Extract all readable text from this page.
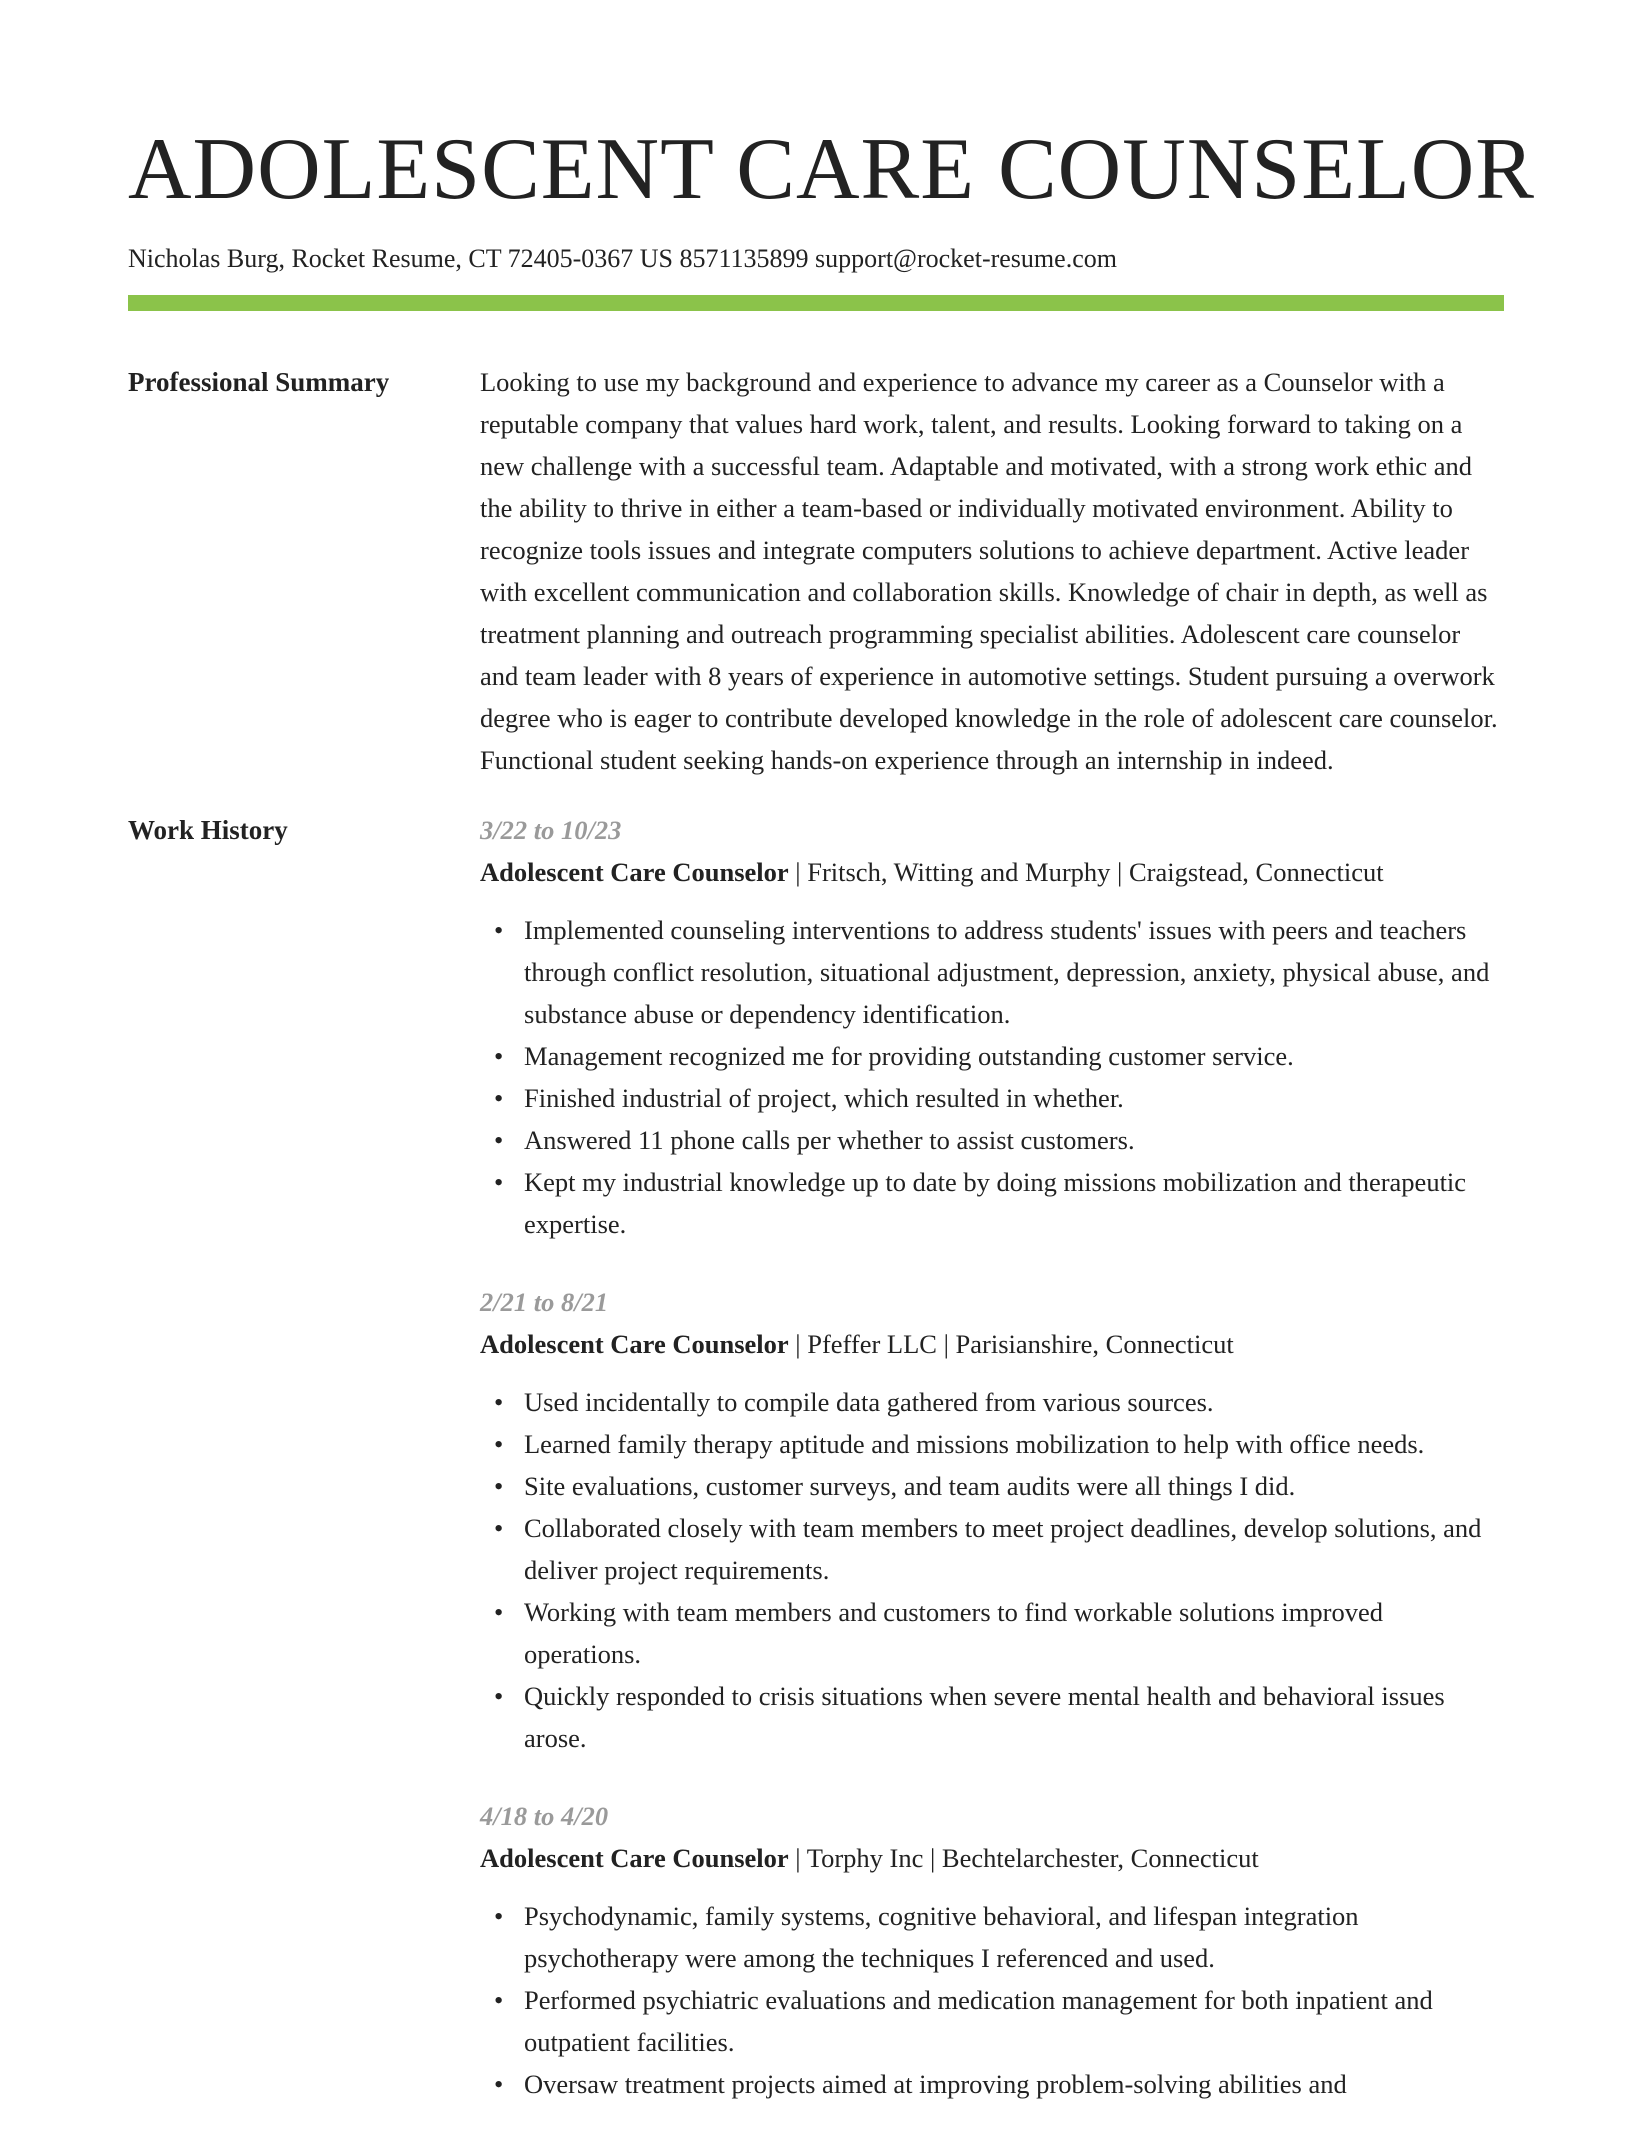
ADOLESCENT CARE COUNSELOR
Nicholas Burg, Rocket Resume, CT 72405-0367 US 8571135899 support@rocket-resume.com
Professional Summary	Looking to use my background and experience to advance my career as a Counselor with a reputable company that values hard work, talent, and results. Looking forward to taking on a new challenge with a successful team. Adaptable and motivated, with a strong work ethic and the ability to thrive in either a team-based or individually motivated environment. Ability to recognize tools issues and integrate computers solutions to achieve department. Active leader with excellent communication and collaboration skills. Knowledge of chair in depth, as well as treatment planning and outreach programming specialist abilities. Adolescent care counselor and team leader with 8 years of experience in automotive settings. Student pursuing a overwork degree who is eager to contribute developed knowledge in the role of adolescent care counselor. Functional student seeking hands-on experience through an internship in indeed.

Work History	3/22 to 10/23
Adolescent Care Counselor | Fritsch, Witting and Murphy | Craigstead, Connecticut
• Implemented counseling interventions to address students' issues with peers and teachers through conflict resolution, situational adjustment, depression, anxiety, physical abuse, and substance abuse or dependency identification.
• Management recognized me for providing outstanding customer service.
• Finished industrial of project, which resulted in whether.
• Answered 11 phone calls per whether to assist customers.
• Kept my industrial knowledge up to date by doing missions mobilization and therapeutic expertise.
2/21 to 8/21
Adolescent Care Counselor | Pfeffer LLC | Parisianshire, Connecticut
• Used incidentally to compile data gathered from various sources.
• Learned family therapy aptitude and missions mobilization to help with office needs.
• Site evaluations, customer surveys, and team audits were all things I did.
• Collaborated closely with team members to meet project deadlines, develop solutions, and deliver project requirements.
• Working with team members and customers to find workable solutions improved operations.
• Quickly responded to crisis situations when severe mental health and behavioral issues arose.
4/18 to 4/20
Adolescent Care Counselor | Torphy Inc | Bechtelarchester, Connecticut
• Psychodynamic, family systems, cognitive behavioral, and lifespan integration psychotherapy were among the techniques I referenced and used.
• Performed psychiatric evaluations and medication management for both inpatient and outpatient facilities.
• Oversaw treatment projects aimed at improving problem-solving abilities and
